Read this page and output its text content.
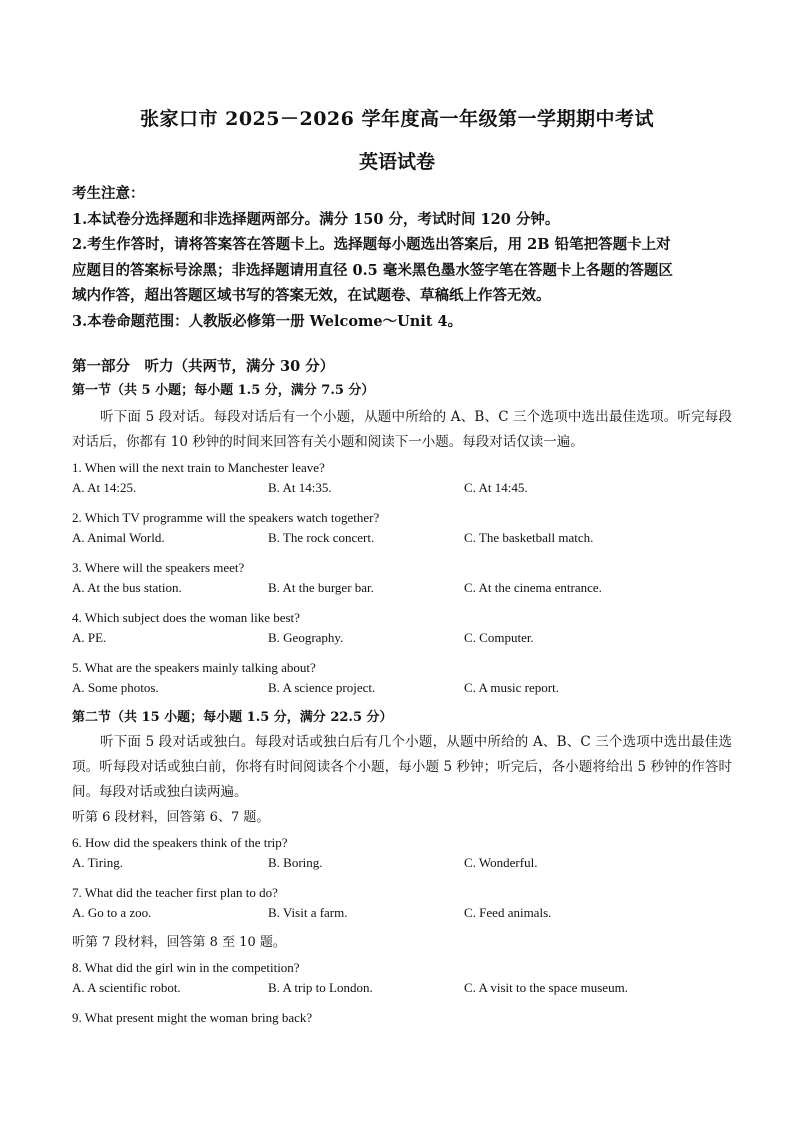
张家口市 2025－2026 学年度高一年级第一学期期中考试
英语试卷
考生注意：
1.本试卷分选择题和非选择题两部分。满分 150 分，考试时间 120 分钟。
2.考生作答时，请将答案答在答题卡上。选择题每小题选出答案后，用 2B 铅笔把答题卡上对
应题目的答案标号涂黑；非选择题请用直径 0.5 毫米黑色墨水签字笔在答题卡上各题的答题区
域内作答，超出答题区域书写的答案无效，在试题卷、草稿纸上作答无效。
3.本卷命题范围：人教版必修第一册 Welcome～Unit 4。
第一部分　听力（共两节，满分 30 分）
第一节（共 5 小题；每小题 1.5 分，满分 7.5 分）
听下面 5 段对话。每段对话后有一个小题，从题中所给的 A、B、C 三个选项中选出最佳选项。听完每段对话后，你都有 10 秒钟的时间来回答有关小题和阅读下一小题。每段对话仅读一遍。
1. When will the next train to Manchester leave?
A. At 14:25.	B. At 14:35.	C. At 14:45.
2. Which TV programme will the speakers watch together?
A. Animal World.	B. The rock concert.	C. The basketball match.
3. Where will the speakers meet?
A. At the bus station.	B. At the burger bar.	C. At the cinema entrance.
4. Which subject does the woman like best?
A. PE.	B. Geography.	C. Computer.
5. What are the speakers mainly talking about?
A. Some photos.	B. A science project.	C. A music report.
第二节（共 15 小题；每小题 1.5 分，满分 22.5 分）
听下面 5 段对话或独白。每段对话或独白后有几个小题，从题中所给的 A、B、C 三个选项中选出最佳选项。听每段对话或独白前，你将有时间阅读各个小题，每小题 5 秒钟；听完后，各小题将给出 5 秒钟的作答时间。每段对话或独白读两遍。
听第 6 段材料，回答第 6、7 题。
6. How did the speakers think of the trip?
A. Tiring.	B. Boring.	C. Wonderful.
7. What did the teacher first plan to do?
A. Go to a zoo.	B. Visit a farm.	C. Feed animals.
听第 7 段材料，回答第 8 至 10 题。
8. What did the girl win in the competition?
A. A scientific robot.	B. A trip to London.	C. A visit to the space museum.
9. What present might the woman bring back?
